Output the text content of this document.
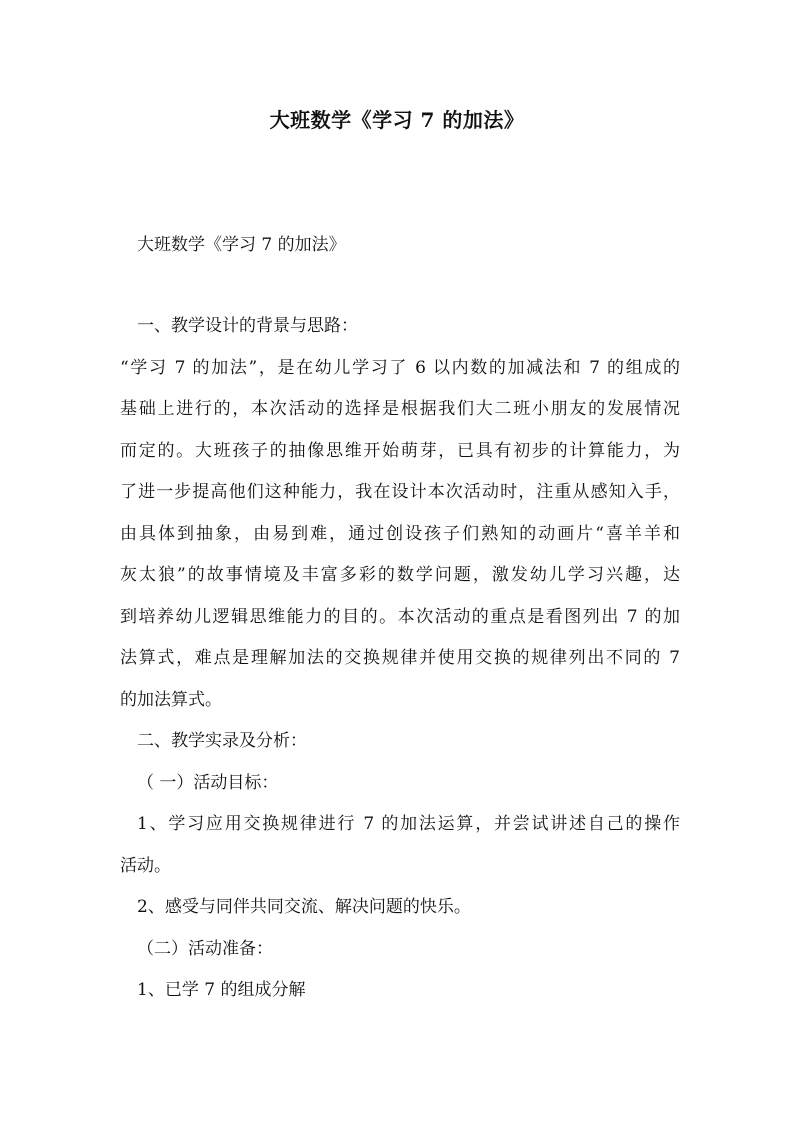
大班数学《学习 7 的加法》
大班数学《学习 7 的加法》
一、教学设计的背景与思路：
“学习 7 的加法”，是在幼儿学习了 6 以内数的加减法和 7 的组成的
基础上进行的，本次活动的选择是根据我们大二班小朋友的发展情况
而定的。大班孩子的抽像思维开始萌芽，已具有初步的计算能力，为
了进一步提高他们这种能力，我在设计本次活动时，注重从感知入手，
由具体到抽象，由易到难，通过创设孩子们熟知的动画片“喜羊羊和
灰太狼”的故事情境及丰富多彩的数学问题，激发幼儿学习兴趣，达
到培养幼儿逻辑思维能力的目的。本次活动的重点是看图列出 7 的加
法算式，难点是理解加法的交换规律并使用交换的规律列出不同的 7
的加法算式。
二、教学实录及分析：
（ 一）活动目标：
1、学习应用交换规律进行 7 的加法运算，并尝试讲述自己的操作
活动。
2、感受与同伴共同交流、解决问题的快乐。
（二）活动准备：
1、已学 7 的组成分解
